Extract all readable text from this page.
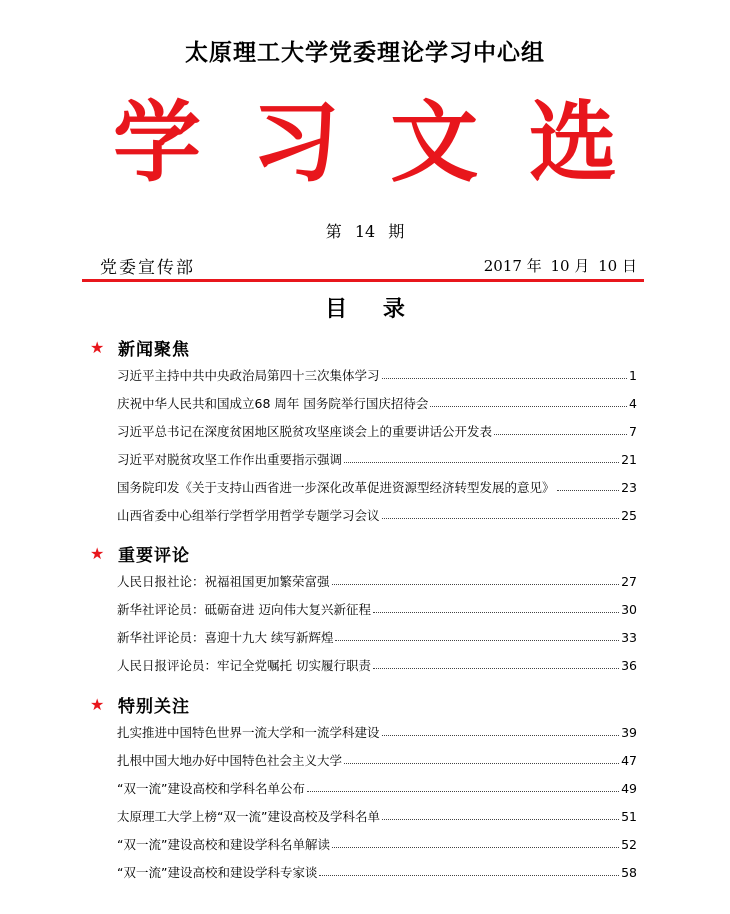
太原理工大学党委理论学习中心组
学 习 文 选
第 14 期
党委宣传部	2017 年 10 月 10 日
目 录
★ 新闻聚焦
习近平主持中共中央政治局第四十三次集体学习	1
庆祝中华人民共和国成立68 周年 国务院举行国庆招待会	4
习近平总书记在深度贫困地区脱贫攻坚座谈会上的重要讲话公开发表	7
习近平对脱贫攻坚工作作出重要指示强调	21
国务院印发《关于支持山西省进一步深化改革促进资源型经济转型发展的意见》	23
山西省委中心组举行学哲学用哲学专题学习会议	25
★ 重要评论
人民日报社论：祝福祖国更加繁荣富强	27
新华社评论员：砥砺奋进 迈向伟大复兴新征程	30
新华社评论员：喜迎十九大 续写新辉煌	33
人民日报评论员：牢记全党嘱托 切实履行职责	36
★ 特别关注
扎实推进中国特色世界一流大学和一流学科建设	39
扎根中国大地办好中国特色社会主义大学	47
“双一流”建设高校和学科名单公布	49
太原理工大学上榜“双一流”建设高校及学科名单	51
“双一流”建设高校和建设学科名单解读	52
“双一流”建设高校和建设学科专家谈	58
